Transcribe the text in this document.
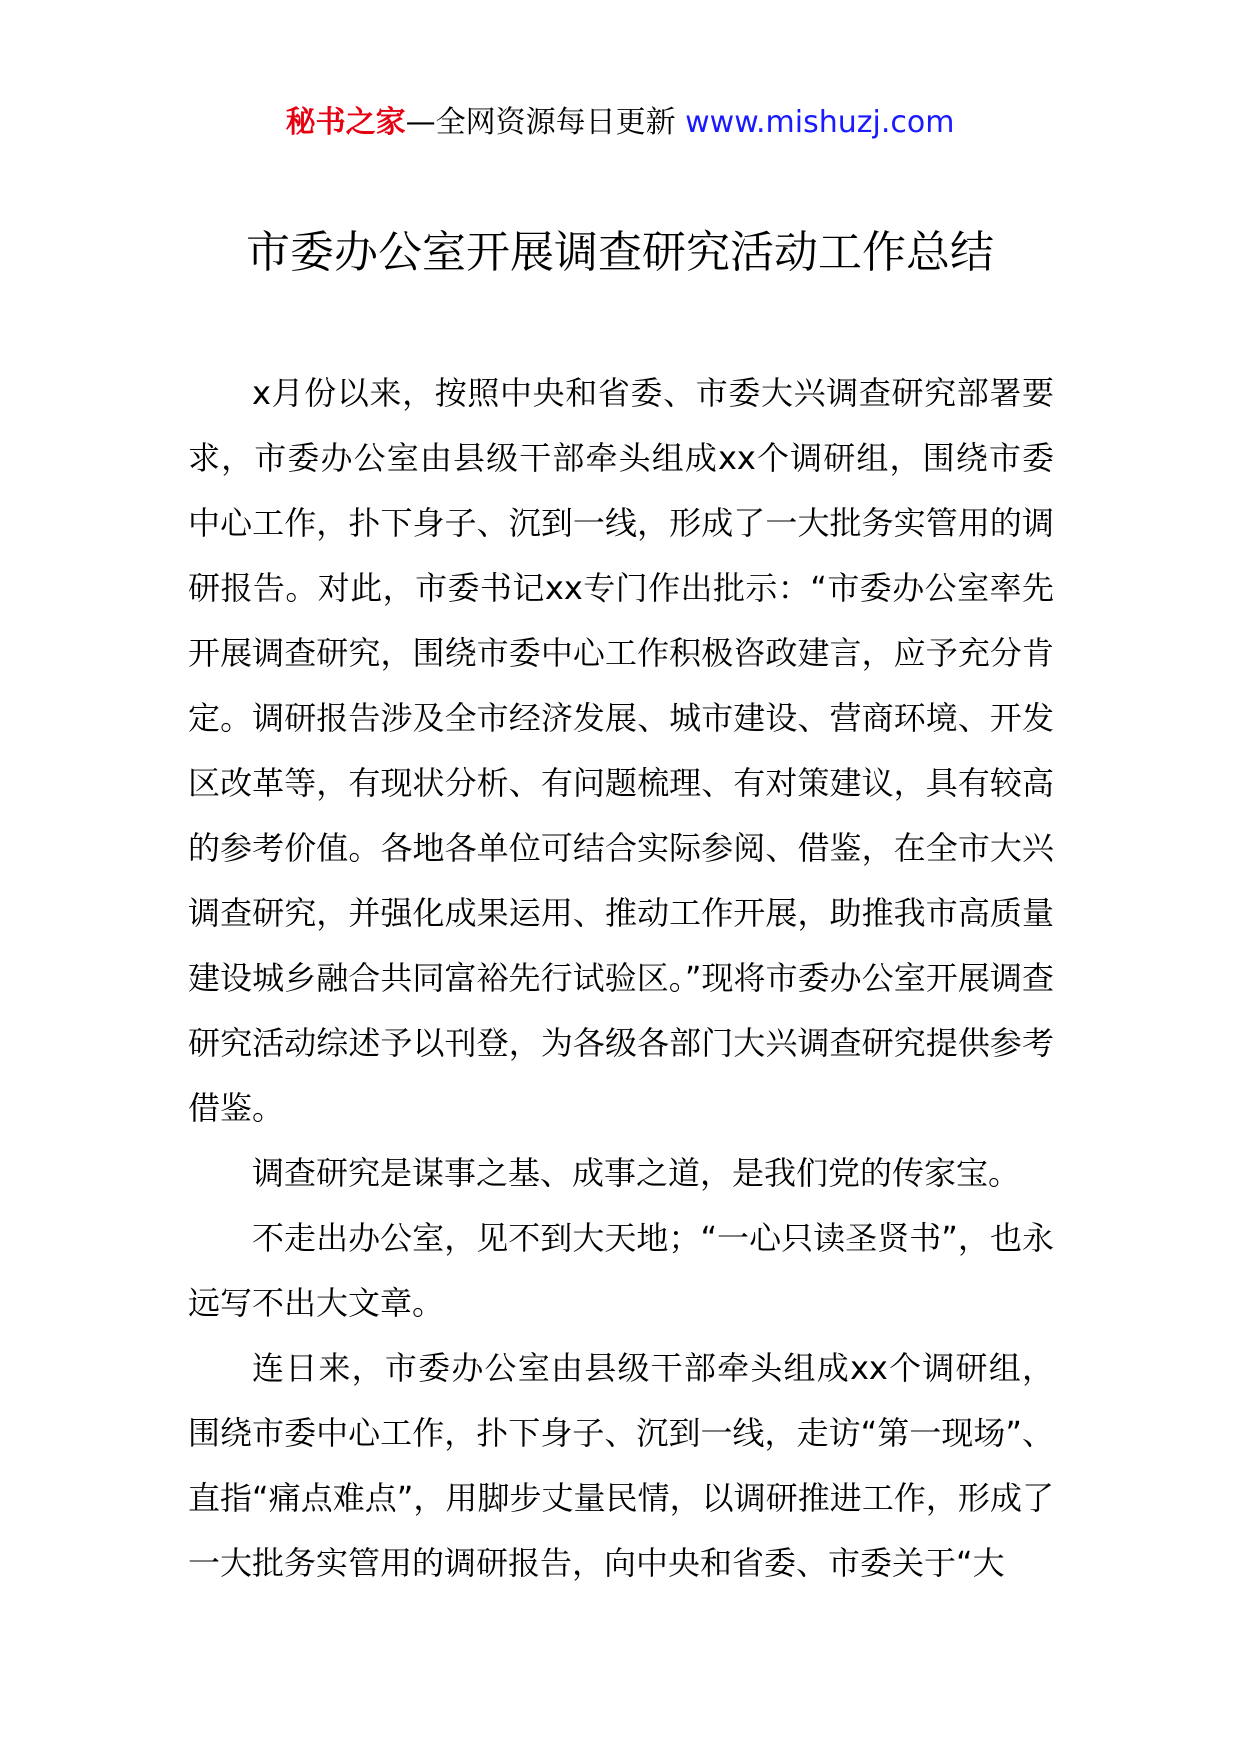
秘书之家—全网资源每日更新 www.mishuzj.com
市委办公室开展调查研究活动工作总结

x月份以来，按照中央和省委、市委大兴调查研究部署要求，市委办公室由县级干部牵头组成xx个调研组，围绕市委中心工作，扑下身子、沉到一线，形成了一大批务实管用的调研报告。对此，市委书记xx专门作出批示：“市委办公室率先开展调查研究，围绕市委中心工作积极咨政建言，应予充分肯定。调研报告涉及全市经济发展、城市建设、营商环境、开发区改革等，有现状分析、有问题梳理、有对策建议，具有较高的参考价值。各地各单位可结合实际参阅、借鉴，在全市大兴调查研究，并强化成果运用、推动工作开展，助推我市高质量建设城乡融合共同富裕先行试验区。”现将市委办公室开展调查研究活动综述予以刊登，为各级各部门大兴调查研究提供参考借鉴。

调查研究是谋事之基、成事之道，是我们党的传家宝。

不走出办公室，见不到大天地；“一心只读圣贤书”，也永远写不出大文章。

连日来，市委办公室由县级干部牵头组成xx个调研组，围绕市委中心工作，扑下身子、沉到一线，走访“第一现场”、直指“痛点难点”，用脚步丈量民情，以调研推进工作，形成了一大批务实管用的调研报告，向中央和省委、市委关于“大
